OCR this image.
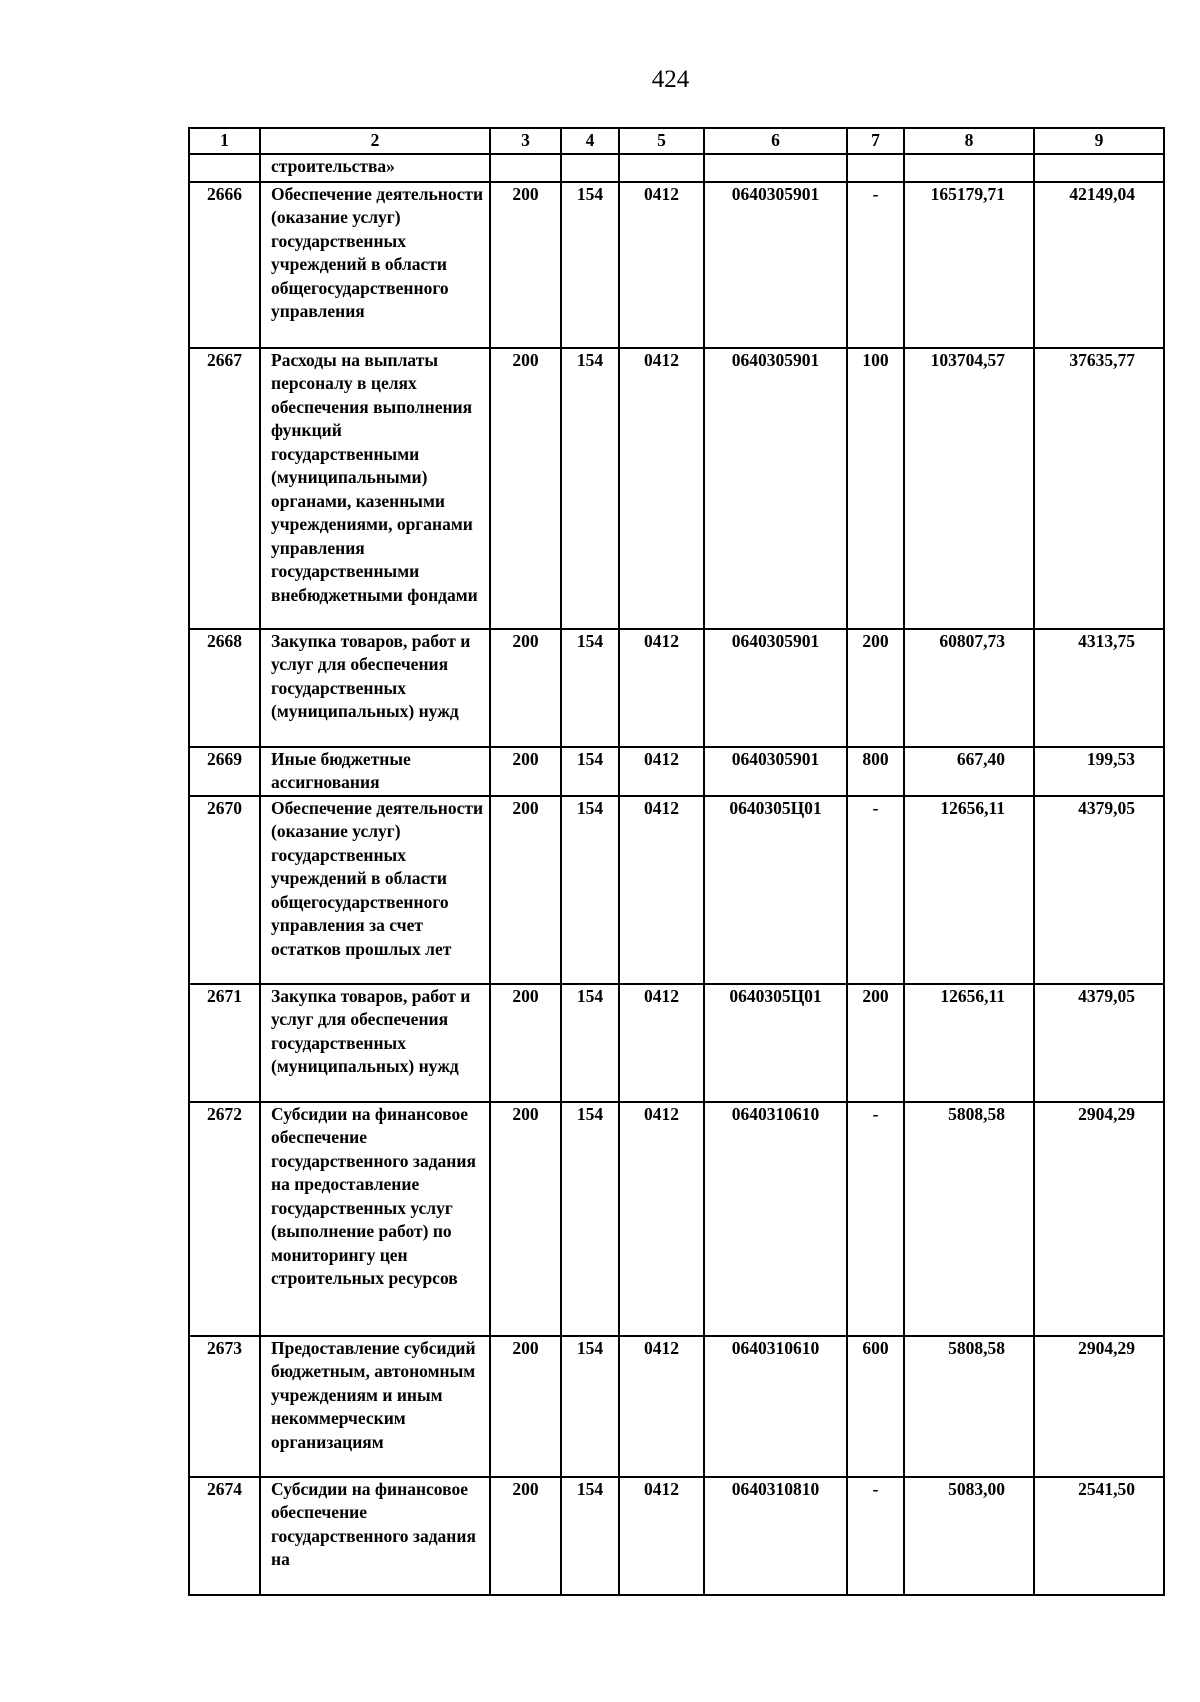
424
1	2	3	4	5	6	7	8	9
	строительства»							
2666	Обеспечение деятельности (оказание услуг) государственных учреждений в области общегосударственного управления	200	154	0412	0640305901	-	165179,71	42149,04
2667	Расходы на выплаты персоналу в целях обеспечения выполнения функций государственными (муниципальными) органами, казенными учреждениями, органами управления государственными внебюджетными фондами	200	154	0412	0640305901	100	103704,57	37635,77
2668	Закупка товаров, работ и услуг для обеспечения государственных (муниципальных) нужд	200	154	0412	0640305901	200	60807,73	4313,75
2669	Иные бюджетные ассигнования	200	154	0412	0640305901	800	667,40	199,53
2670	Обеспечение деятельности (оказание услуг) государственных учреждений в области общегосударственного управления за счет остатков прошлых лет	200	154	0412	0640305Ц01	-	12656,11	4379,05
2671	Закупка товаров, работ и услуг для обеспечения государственных (муниципальных) нужд	200	154	0412	0640305Ц01	200	12656,11	4379,05
2672	Субсидии на финансовое обеспечение государственного задания на предоставление государственных услуг (выполнение работ) по мониторингу цен строительных ресурсов	200	154	0412	0640310610	-	5808,58	2904,29
2673	Предоставление субсидий бюджетным, автономным учреждениям и иным некоммерческим организациям	200	154	0412	0640310610	600	5808,58	2904,29
2674	Субсидии на финансовое обеспечение государственного задания на	200	154	0412	0640310810	-	5083,00	2541,50
